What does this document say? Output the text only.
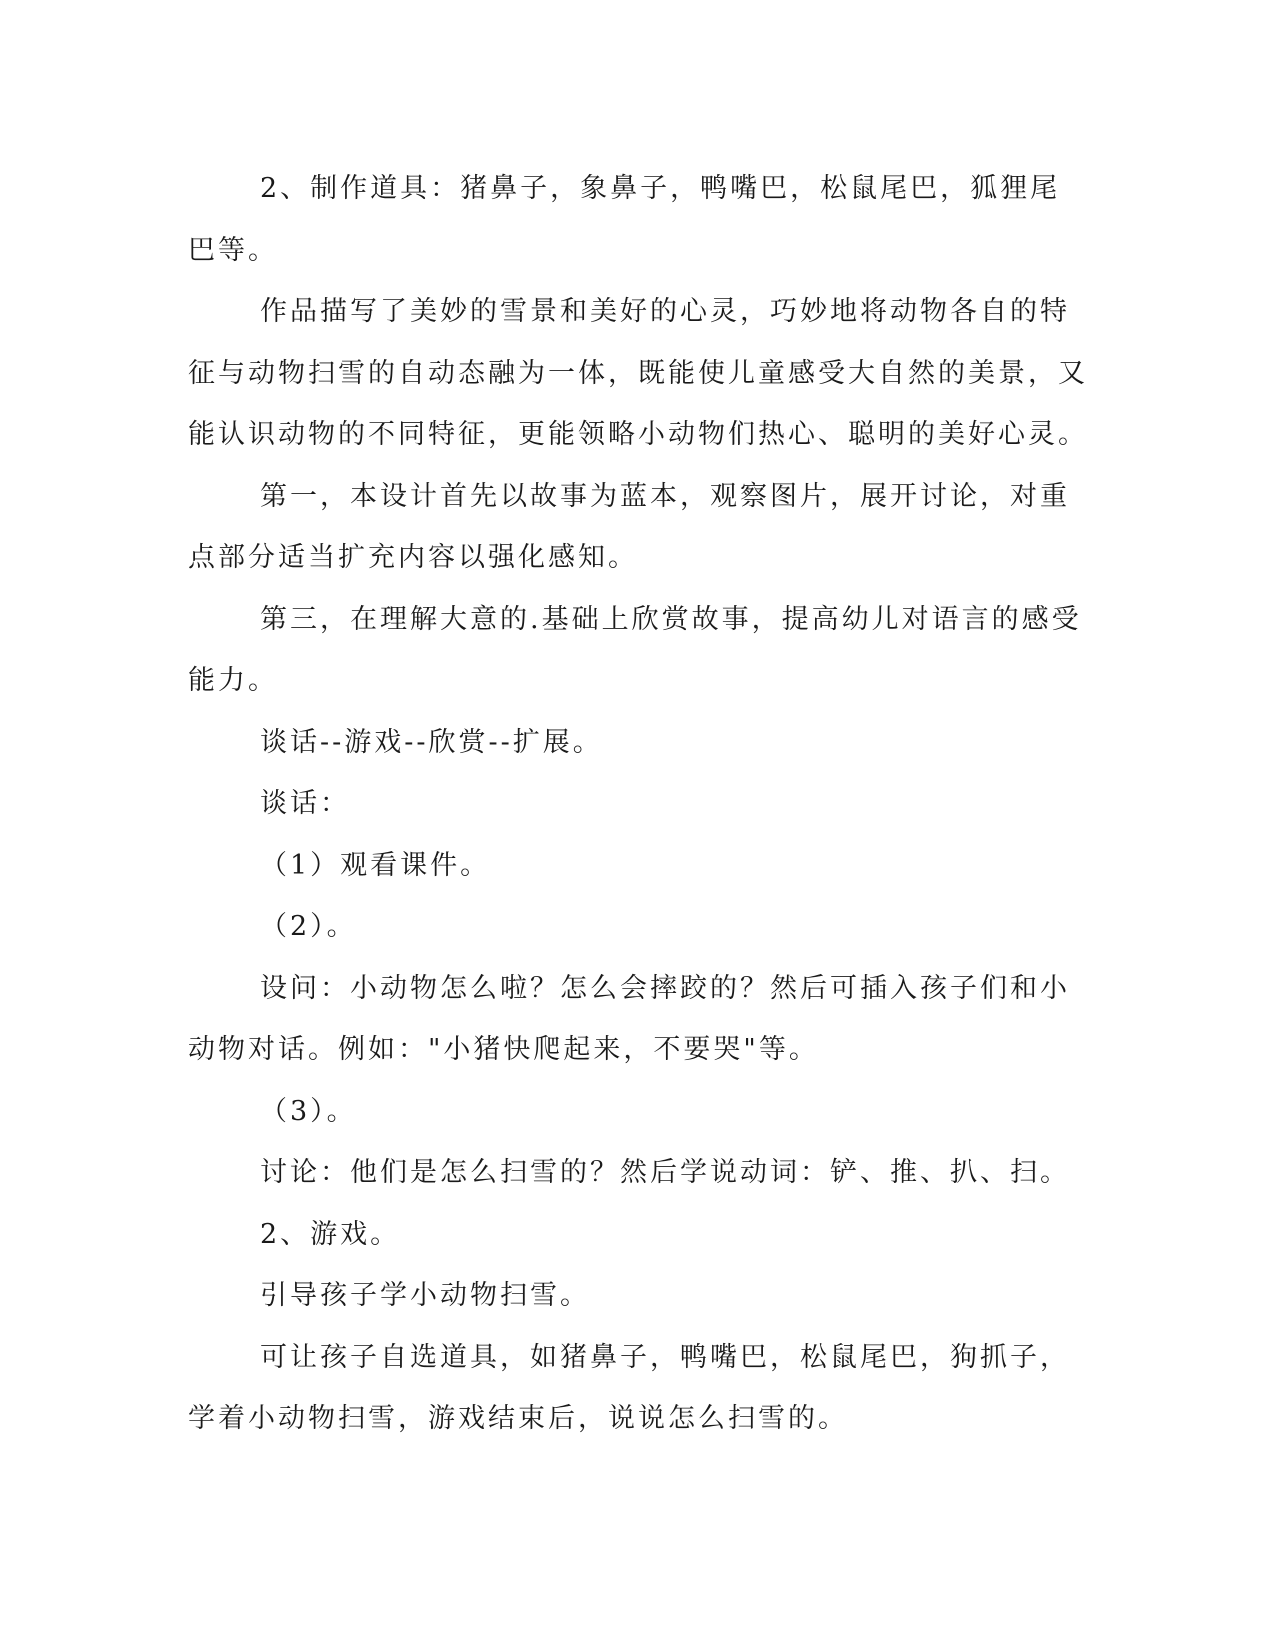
2、制作道具：猪鼻子，象鼻子，鸭嘴巴，松鼠尾巴，狐狸尾巴等。

作品描写了美妙的雪景和美好的心灵，巧妙地将动物各自的特征与动物扫雪的自动态融为一体，既能使儿童感受大自然的美景，又能认识动物的不同特征，更能领略小动物们热心、聪明的美好心灵。

第一，本设计首先以故事为蓝本，观察图片，展开讨论，对重点部分适当扩充内容以强化感知。

第三，在理解大意的.基础上欣赏故事，提高幼儿对语言的感受能力。

谈话--游戏--欣赏--扩展。

谈话：

（1）观看课件。

（2）。

设问：小动物怎么啦？怎么会摔跤的？然后可插入孩子们和小动物对话。例如："小猪快爬起来，不要哭"等。

（3）。

讨论：他们是怎么扫雪的？然后学说动词：铲、推、扒、扫。

2、游戏。

引导孩子学小动物扫雪。

可让孩子自选道具，如猪鼻子，鸭嘴巴，松鼠尾巴，狗抓子，学着小动物扫雪，游戏结束后，说说怎么扫雪的。
